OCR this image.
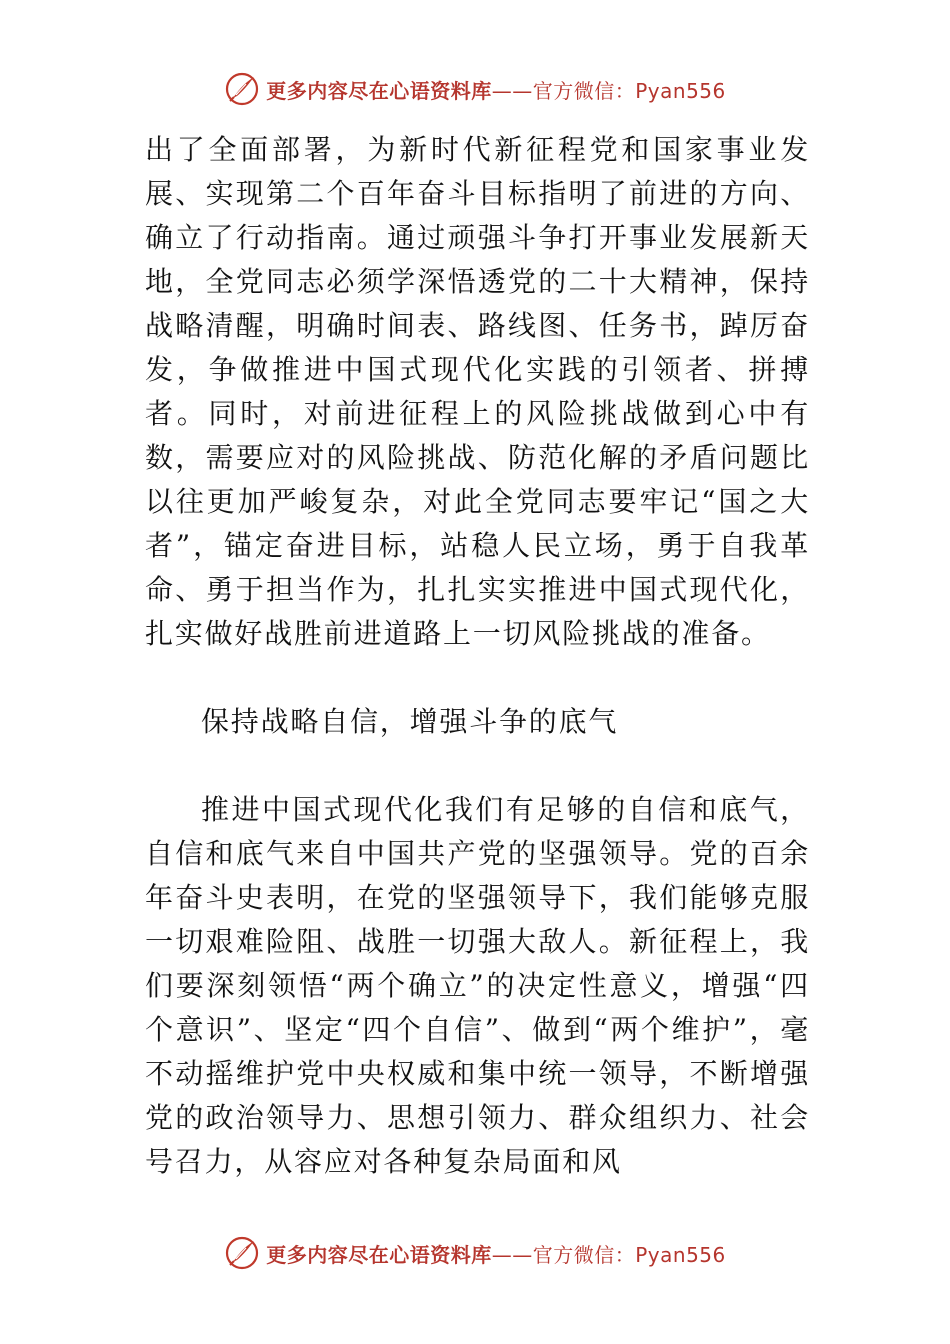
更多内容尽在心语资料库——官方微信：Pyan556

出了全面部署，为新时代新征程党和国家事业发展、实现第二个百年奋斗目标指明了前进的方向、确立了行动指南。通过顽强斗争打开事业发展新天地，全党同志必须学深悟透党的二十大精神，保持战略清醒，明确时间表、路线图、任务书，踔厉奋发，争做推进中国式现代化实践的引领者、拼搏者。同时，对前进征程上的风险挑战做到心中有数，需要应对的风险挑战、防范化解的矛盾问题比以往更加严峻复杂，对此全党同志要牢记“国之大者”，锚定奋进目标，站稳人民立场，勇于自我革命、勇于担当作为，扎扎实实推进中国式现代化，扎实做好战胜前进道路上一切风险挑战的准备。

保持战略自信，增强斗争的底气

推进中国式现代化我们有足够的自信和底气，自信和底气来自中国共产党的坚强领导。党的百余年奋斗史表明，在党的坚强领导下，我们能够克服一切艰难险阻、战胜一切强大敌人。新征程上，我们要深刻领悟“两个确立”的决定性意义，增强“四个意识”、坚定“四个自信”、做到“两个维护”，毫不动摇维护党中央权威和集中统一领导，不断增强党的政治领导力、思想引领力、群众组织力、社会号召力，从容应对各种复杂局面和风

更多内容尽在心语资料库——官方微信：Pyan556
